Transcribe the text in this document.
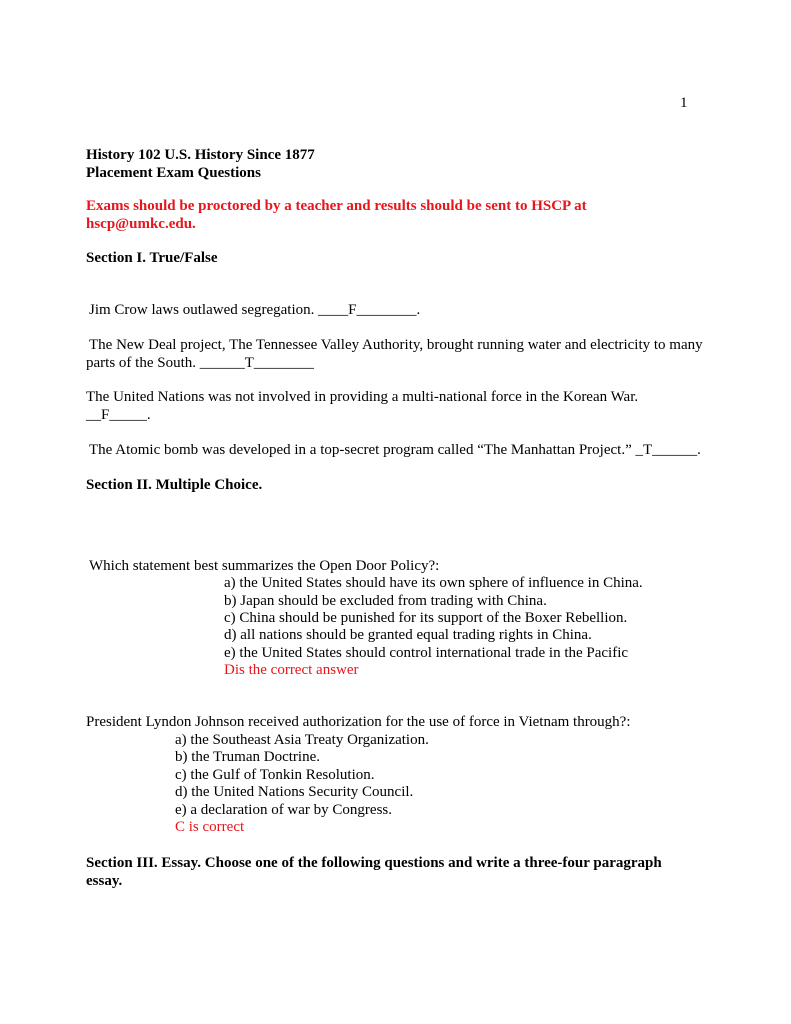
1
History 102 U.S. History Since 1877
Placement Exam Questions
Exams should be proctored by a teacher and results should be sent to HSCP at
hscp@umkc.edu.
Section I. True/False
Jim Crow laws outlawed segregation. ____F________.
The New Deal project, The Tennessee Valley Authority, brought running water and electricity to many
parts of the South. ______T________
The United Nations was not involved in providing a multi-national force in the Korean War.
__F_____.
The Atomic bomb was developed in a top-secret program called “The Manhattan Project.” _T______.
Section II. Multiple Choice.
Which statement best summarizes the Open Door Policy?:
a) the United States should have its own sphere of influence in China.
b) Japan should be excluded from trading with China.
c) China should be punished for its support of the Boxer Rebellion.
d) all nations should be granted equal trading rights in China.
e) the United States should control international trade in the Pacific
Dis the correct answer
President Lyndon Johnson received authorization for the use of force in Vietnam through?:
a) the Southeast Asia Treaty Organization.
b) the Truman Doctrine.
c) the Gulf of Tonkin Resolution.
d) the United Nations Security Council.
e) a declaration of war by Congress.
C is correct
Section III. Essay. Choose one of the following questions and write a three-four paragraph
essay.
